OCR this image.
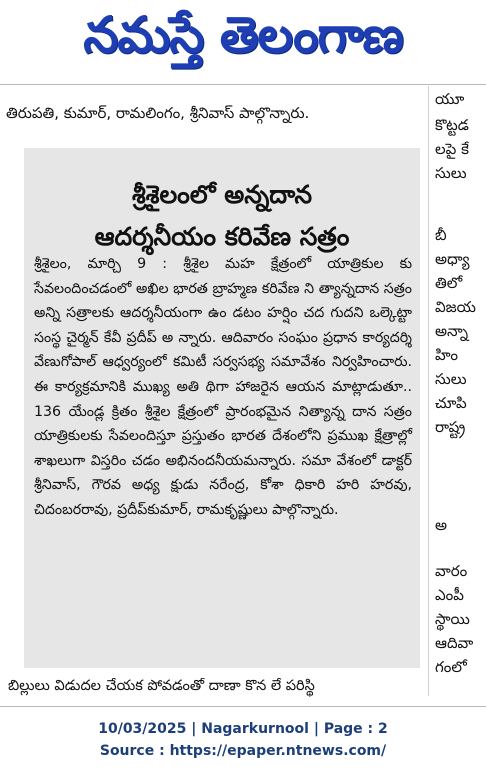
నమస్తే తెలంగాణ
తిరుపతి, కుమార్, రామలింగం, శ్రీనివాస్ పాల్గొన్నారు.
యూ
కొట్టడ
లపై కే
సులు
బీ
అధ్యా
తిలో
విజయ
అన్నా
హిం
సులు
చూపి
రాష్ట్ర
అ
వారం
ఎంపీ
స్థాయి
ఆదివా
గంలో
శ్రీశైలంలో అన్నదాన
ఆదర్శనీయం కరివేణ సత్రం
శ్రీశైలం, మార్చి 9 : శ్రీశైల మహ క్షేత్రంలో యాత్రికుల కు సేవలందించడంలో అఖిల భారత బ్రాహ్మణ కరివేణ ని త్యాన్నదాన సత్రం అన్ని సత్రాలకు ఆదర్శనీయంగా ఉం డటం హర్షిం చద గుదని ఒల్కెట్టా సంస్థ చైర్మన్ కేవీ ప్రదీప్ అ న్నారు. ఆదివారం సంఘం ప్రధాన కార్యదర్శి వేణుగోపాల్ ఆధ్వర్యంలో కమిటీ సర్వసభ్య సమావేశం నిర్వహించారు. ఈ కార్యక్రమానికి ముఖ్య అతి థిగా హాజరైన ఆయన మాట్లాడుతూ.. 136 యేండ్ల క్రితం శ్రీశైల క్షేత్రంలో ప్రారంభమైన నిత్యాన్న దాన సత్రం యాత్రికులకు సేవలందిస్తూ ప్రస్తుతం భారత దేశంలోని ప్రముఖ క్షేత్రాల్లో శాఖలుగా విస్తరిం చడం అభినందనీయమన్నారు. సమా వేశంలో డాక్టర్ శ్రీనివాస్, గౌరవ అధ్య క్షుడు నరేంద్ర, కోశా ధికారి హరి హరవు, చిదంబరరావు, ప్రదీప్‌కుమార్, రామకృష్ణులు పాల్గొన్నారు.
బిల్లులు విడుదల చేయక పోవడంతో దాణా కొన లే పరిస్థి
10/03/2025 | Nagarkurnool | Page : 2
Source : https://epaper.ntnews.com/
